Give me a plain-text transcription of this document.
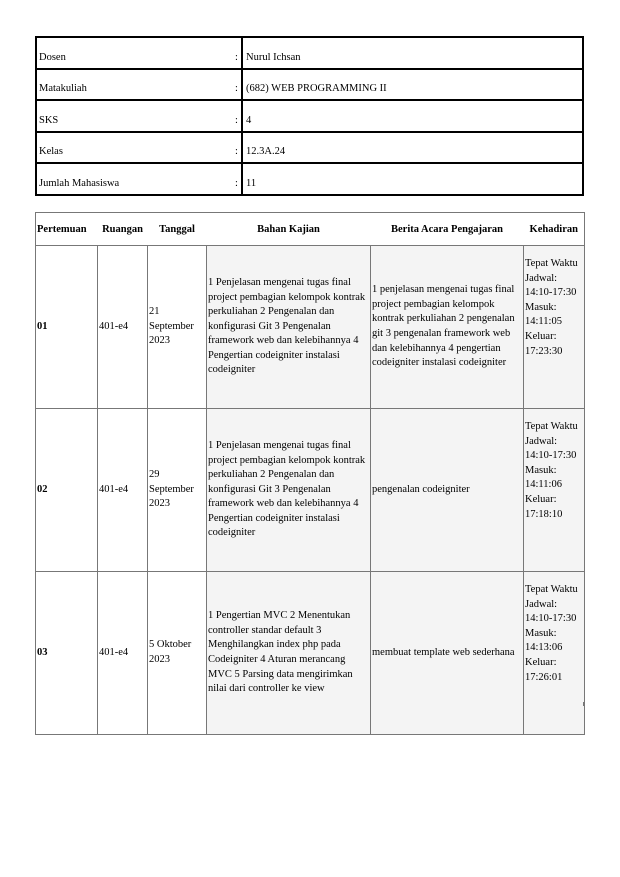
Dosen	:	Nurul Ichsan
Matakuliah	:	(682) WEB PROGRAMMING II
SKS	:	4
Kelas	:	12.3A.24
Jumlah Mahasiswa	:	11
Pertemuan	Ruangan	Tanggal	Bahan Kajian	Berita Acara Pengajaran	Kehadiran
01	401-e4	21 September 2023	1 Penjelasan mengenai tugas final project pembagian kelompok kontrak perkuliahan 2 Pengenalan dan konfigurasi Git 3 Pengenalan framework web dan kelebihannya 4 Pengertian codeigniter instalasi codeigniter	1 penjelasan mengenai tugas final project pembagian kelompok kontrak perkuliahan 2 pengenalan git 3 pengenalan framework web dan kelebihannya 4 pengertian codeigniter instalasi codeigniter	Tepat Waktu Jadwal: 14:10-17:30 Masuk: 14:11:05 Keluar: 17:23:30
02	401-e4	29 September 2023	1 Penjelasan mengenai tugas final project pembagian kelompok kontrak perkuliahan 2 Pengenalan dan konfigurasi Git 3 Pengenalan framework web dan kelebihannya 4 Pengertian codeigniter instalasi codeigniter	pengenalan codeigniter	Tepat Waktu Jadwal: 14:10-17:30 Masuk: 14:11:06 Keluar: 17:18:10
03	401-e4	5 Oktober 2023	1 Pengertian MVC 2 Menentukan controller standar default 3 Menghilangkan index php pada Codeigniter 4 Aturan merancang MVC 5 Parsing data mengirimkan nilai dari controller ke view	membuat template web sederhana	Tepat Waktu Jadwal: 14:10-17:30 Masuk: 14:13:06 Keluar: 17:26:01
